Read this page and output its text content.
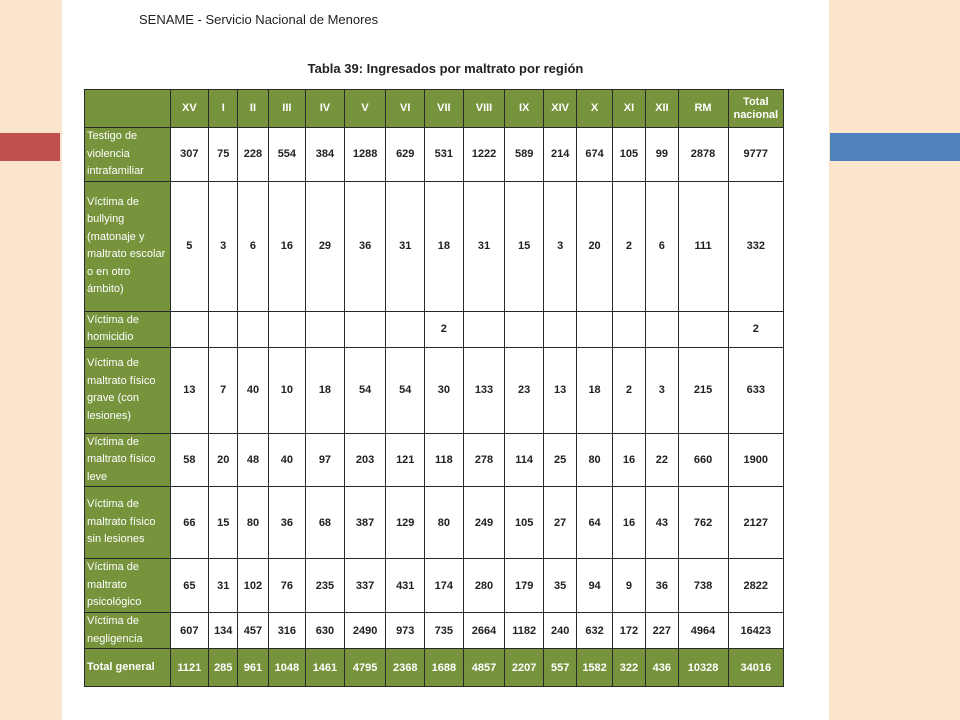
SENAME - Servicio Nacional de Menores
Tabla 39: Ingresados por maltrato por región
	XV	I	II	III	IV	V	VI	VII	VIII	IX	XIV	X	XI	XII	RM	Total nacional
Testigo de violencia intrafamiliar	307	75	228	554	384	1288	629	531	1222	589	214	674	105	99	2878	9777
Víctima de bullying (matonaje y maltrato escolar o en otro ámbito)	5	3	6	16	29	36	31	18	31	15	3	20	2	6	111	332
Víctima de homicidio								2								2
Víctima de maltrato físico grave (con lesiones)	13	7	40	10	18	54	54	30	133	23	13	18	2	3	215	633
Víctima de maltrato físico leve	58	20	48	40	97	203	121	118	278	114	25	80	16	22	660	1900
Víctima de maltrato físico sin lesiones	66	15	80	36	68	387	129	80	249	105	27	64	16	43	762	2127
Víctima de maltrato psicológico	65	31	102	76	235	337	431	174	280	179	35	94	9	36	738	2822
Víctima de negligencia	607	134	457	316	630	2490	973	735	2664	1182	240	632	172	227	4964	16423
Total general	1121	285	961	1048	1461	4795	2368	1688	4857	2207	557	1582	322	436	10328	34016
